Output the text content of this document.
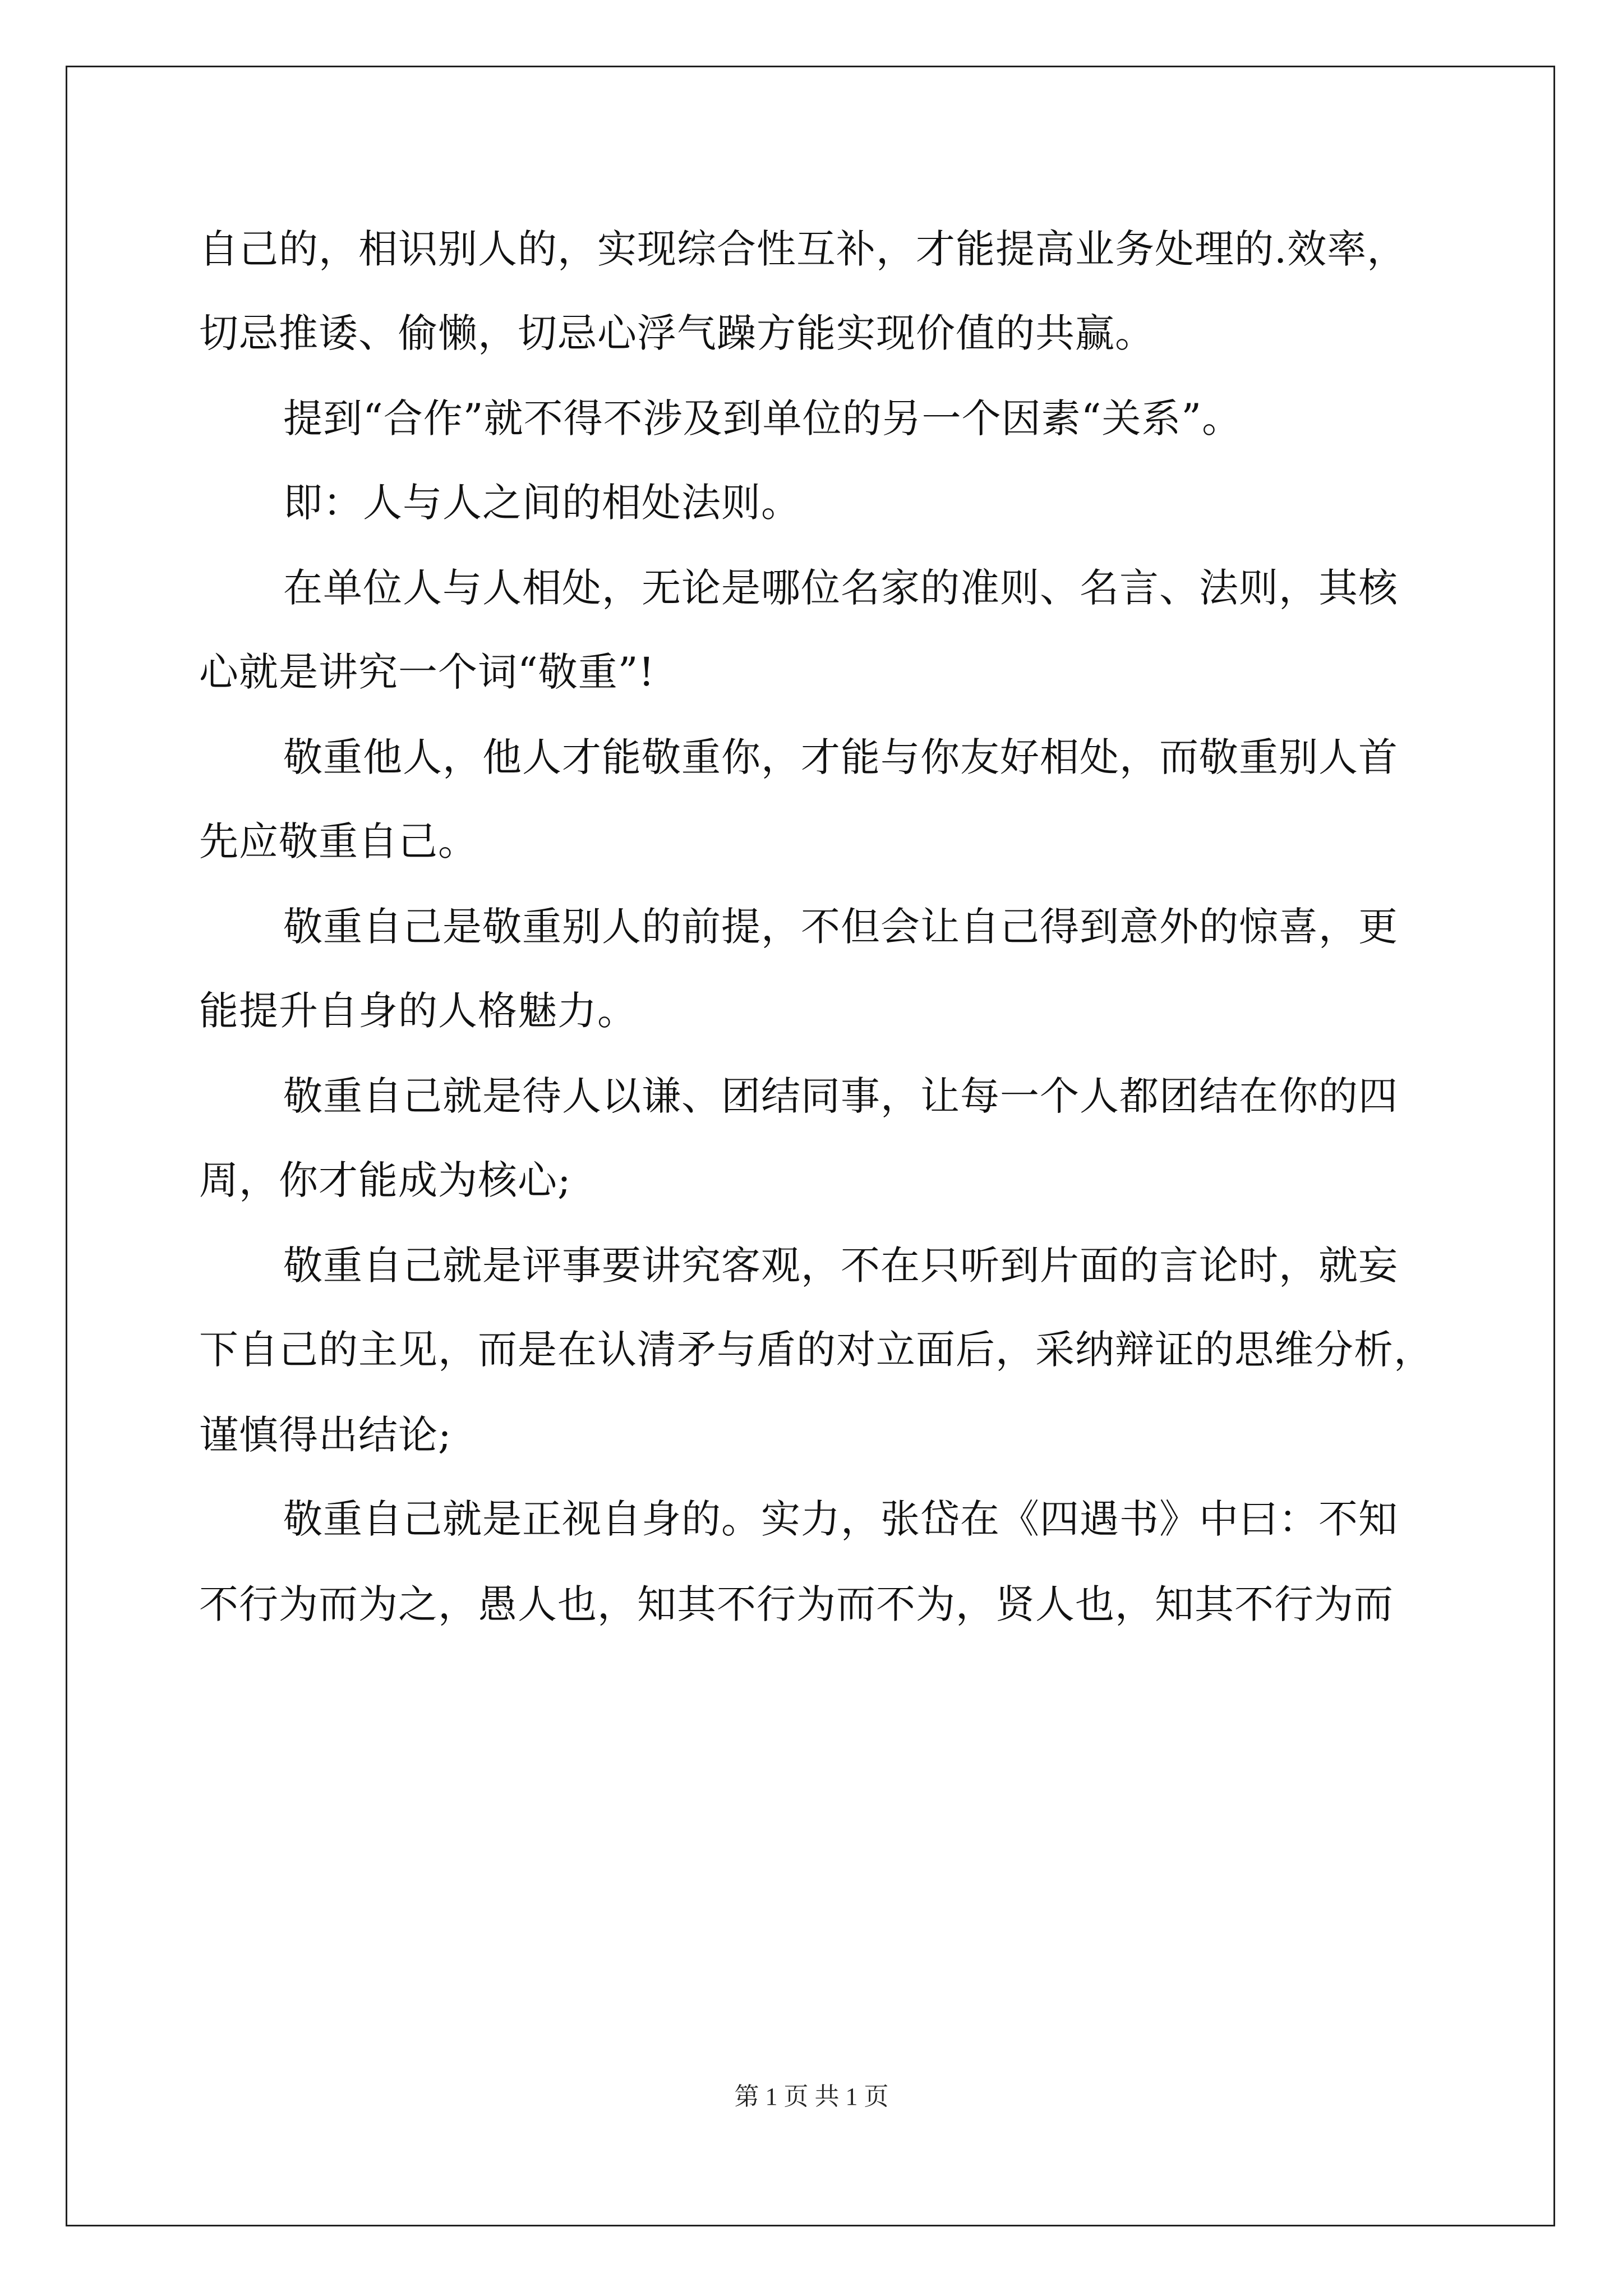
自己的，相识别人的，实现综合性互补，才能提高业务处理的.效率，
切忌推诿、偷懒，切忌心浮气躁方能实现价值的共赢。
提到“合作”就不得不涉及到单位的另一个因素“关系”。
即：人与人之间的相处法则。
在单位人与人相处，无论是哪位名家的准则、名言、法则，其核
心就是讲究一个词“敬重”!
敬重他人，他人才能敬重你，才能与你友好相处，而敬重别人首
先应敬重自己。
敬重自己是敬重别人的前提，不但会让自己得到意外的惊喜，更
能提升自身的人格魅力。
敬重自己就是待人以谦、团结同事，让每一个人都团结在你的四
周，你才能成为核心;
敬重自己就是评事要讲究客观，不在只听到片面的言论时，就妄
下自己的主见，而是在认清矛与盾的对立面后，采纳辩证的思维分析，
谨慎得出结论;
敬重自己就是正视自身的。实力，张岱在《四遇书》中曰：不知
不行为而为之，愚人也，知其不行为而不为，贤人也，知其不行为而
第 1 页 共 1 页
